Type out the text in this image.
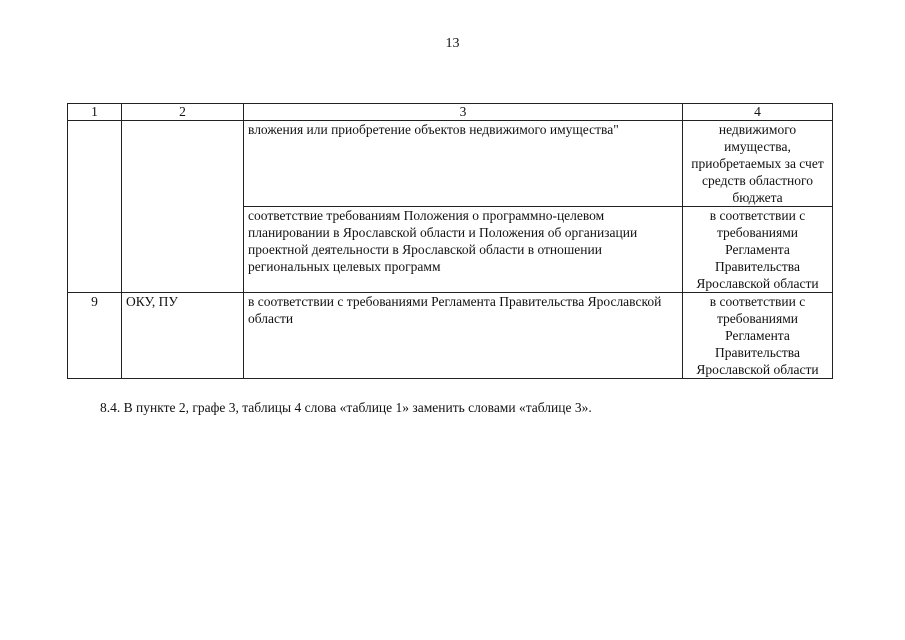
13
1	2	3	4

		вложения или приобретение объектов недвижимого имущества"	недвижимого имущества, приобретаемых за счет средств областного бюджета

		соответствие требованиям Положения о программно-целевом планировании в Ярославской области и Положения об организации проектной деятельности в Ярославской области в отношении региональных целевых программ	в соответствии с требованиями Регламента Правительства Ярославской области

9	ОКУ, ПУ	в соответствии с требованиями Регламента Правительства Ярославской области	в соответствии с требованиями Регламента Правительства Ярославской области
8.4. В пункте 2, графе 3, таблицы 4 слова «таблице 1» заменить словами «таблице 3».
